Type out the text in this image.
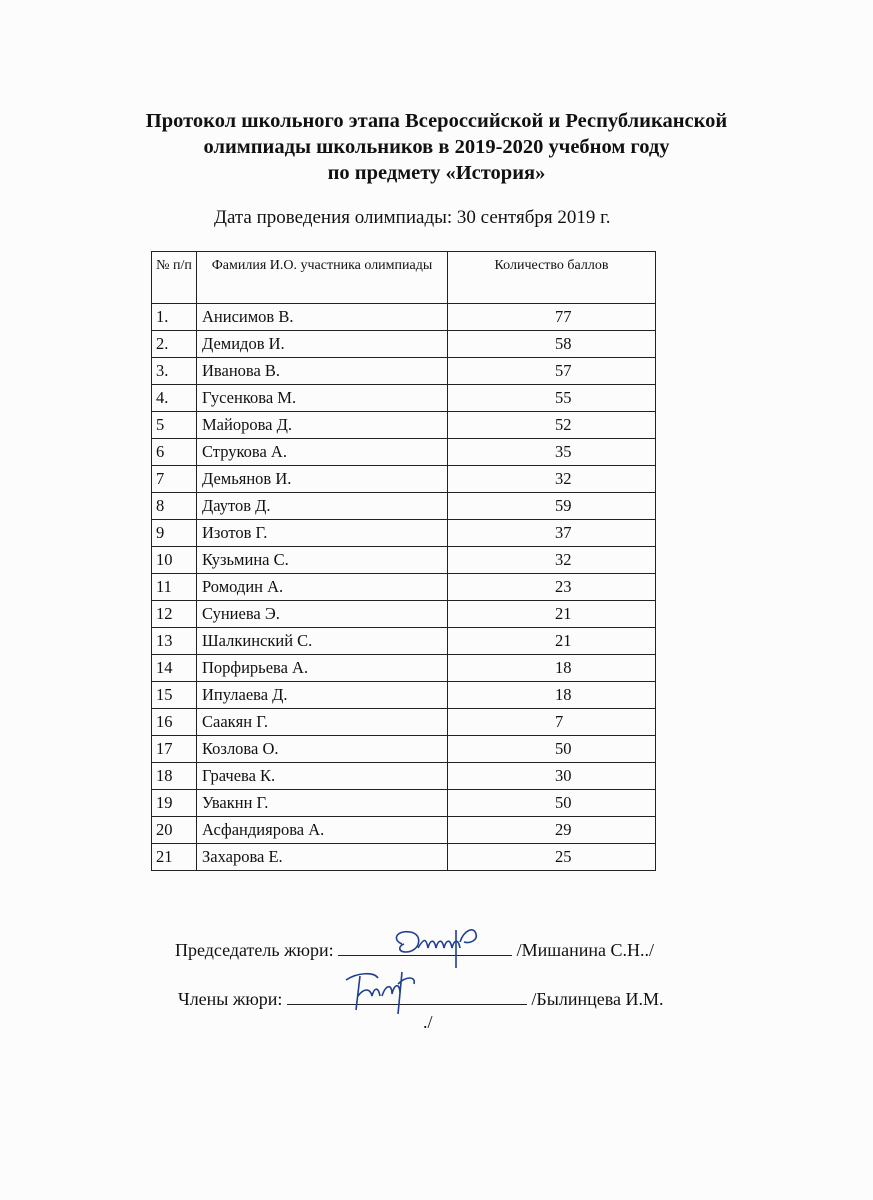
Протокол школьного этапа Всероссийской и Республиканской
олимпиады школьников в 2019-2020 учебном году
по предмету «История»
Дата проведения олимпиады: 30 сентября 2019 г.
№ п/п	Фамилия И.О. участника олимпиады	Количество баллов
1.	Анисимов В.	77
2.	Демидов И.	58
3.	Иванова В.	57
4.	Гусенкова М.	55
5	Майорова Д.	52
6	Струкова А.	35
7	Демьянов И.	32
8	Даутов Д.	59
9	Изотов Г.	37
10	Кузьмина С.	32
11	Ромодин А.	23
12	Суниева Э.	21
13	Шалкинский С.	21
14	Порфирьева А.	18
15	Ипулаева Д.	18
16	Саакян Г.	7
17	Козлова О.	50
18	Грачева К.	30
19	Увакнн Г.	50
20	Асфандиярова А.	29
21	Захарова Е.	25
Председатель жюри:	/Мишанина С.Н../
Члены жюри:	/Былинцева И.М.
./
